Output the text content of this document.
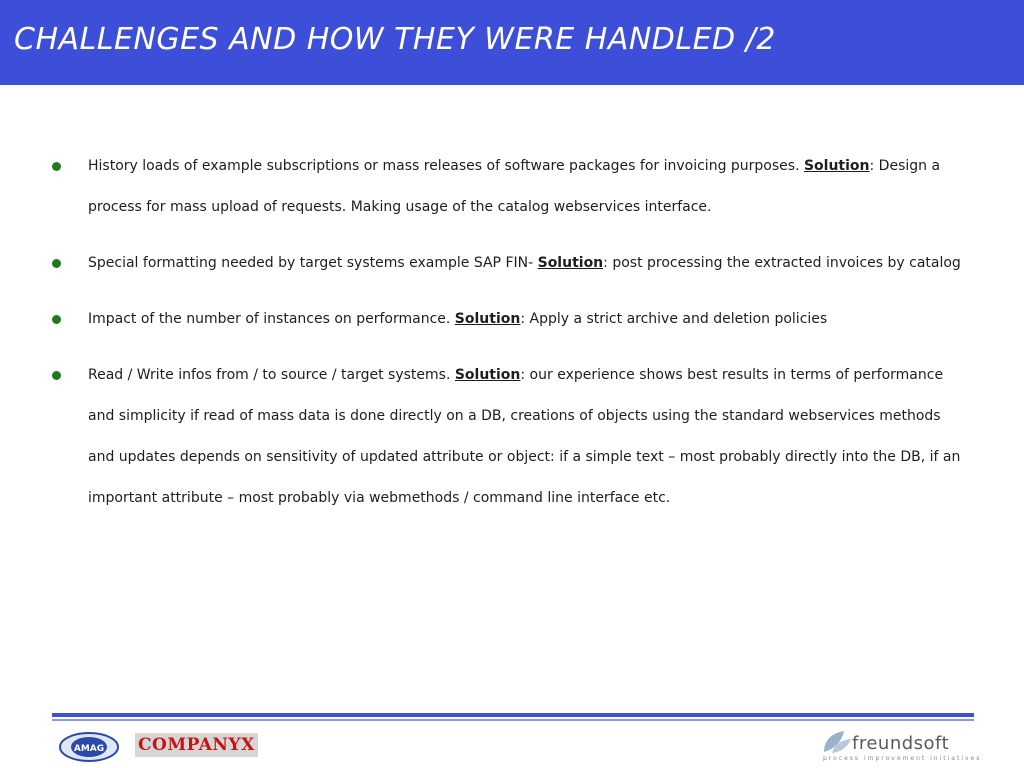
CHALLENGES AND HOW THEY WERE HANDLED /2
History loads of example subscriptions or mass releases of software packages for invoicing purposes. Solution: Design a process for mass upload of requests. Making usage of the catalog webservices interface.
Special formatting needed by target systems example SAP FIN- Solution: post processing the extracted invoices by catalog
Impact of the number of instances on performance. Solution: Apply a strict archive and deletion policies
Read / Write infos from / to source / target systems. Solution: our experience shows best results in terms of performance and simplicity if read of mass data is done directly on a DB, creations of objects using the standard webservices methods and updates depends on sensitivity of updated attribute or object: if a simple text – most probably directly into the DB, if an important attribute – most probably via webmethods / command line interface etc.
AMAG COMPANYX	freundsoft
process improvement initiatives
